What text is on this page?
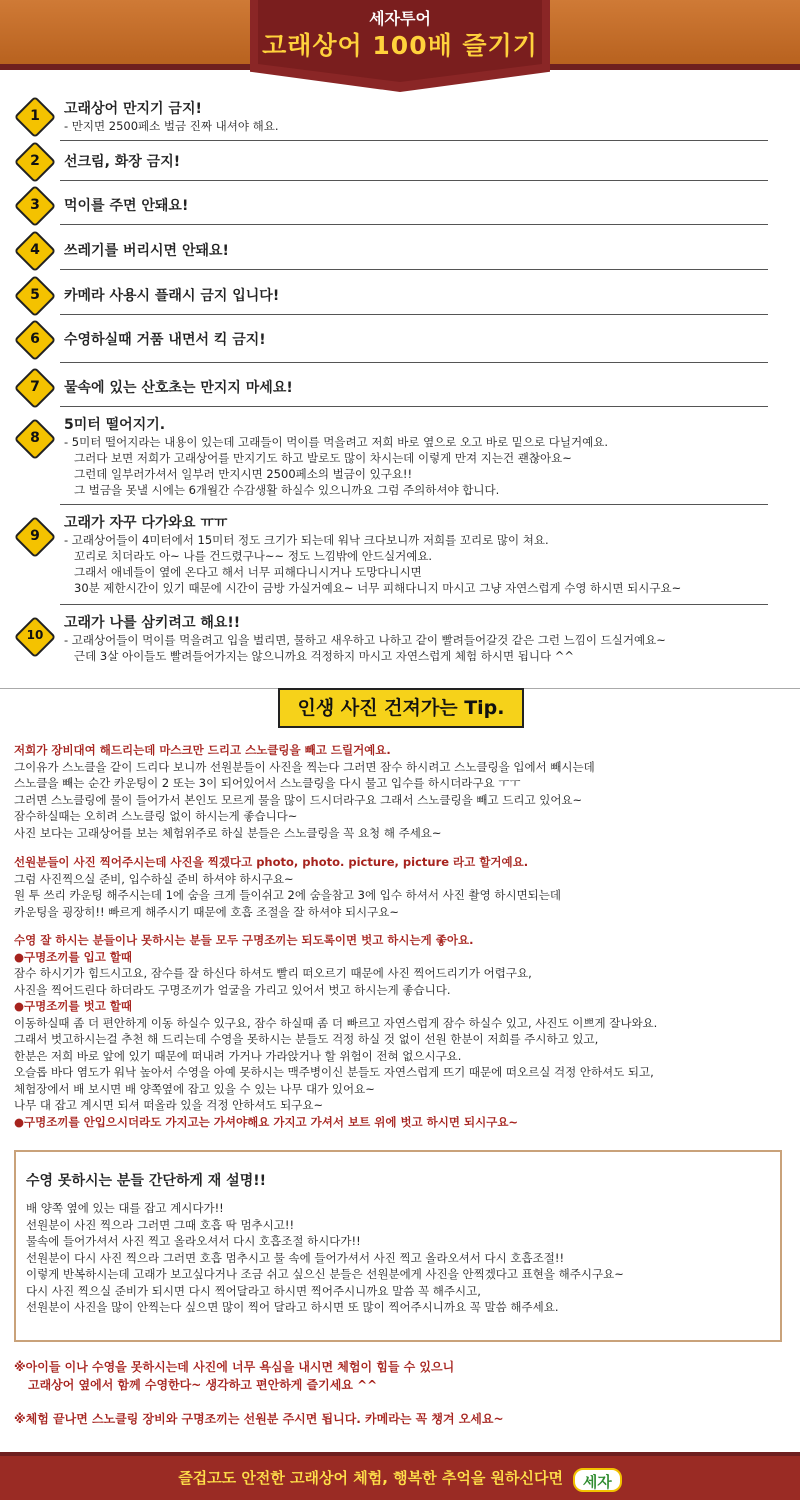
세자투어
고래상어 100배 즐기기
1	고래상어 만지기 금지!
- 만지면 2500페소 벌금 진짜 내셔야 해요.
2	선크림, 화장 금지!
3	먹이를 주면 안돼요!
4	쓰레기를 버리시면 안돼요!
5	카메라 사용시 플래시 금지 입니다!
6	수영하실때 거품 내면서 킥 금지!
7	물속에 있는 산호초는 만지지 마세요!
8
5미터 떨어지기.
- 5미터 떨어지라는 내용이 있는데 고래들이 먹이를 먹을려고 저희 바로 옆으로 오고 바로 밑으로 다닐거예요.
그러다 보면 저희가 고래상어를 만지기도 하고 발로도 많이 차시는데 이렇게 만져 지는건 괜찮아요~
그런데 일부러가셔서 일부러 만지시면 2500페소의 벌금이 있구요!!
그 벌금을 못낼 시에는 6개월간 수감생활 하실수 있으니까요 그럼 주의하셔야 합니다.
9
고래가 자꾸 다가와요 ㅠㅠ
- 고래상어들이 4미터에서 15미터 정도 크기가 되는데 워낙 크다보니까 저희를 꼬리로 많이 쳐요.
꼬리로 치더라도 아~ 나를 건드렸구나~~ 정도 느낌밖에 안드실거예요.
그래서 애네들이 옆에 온다고 해서 너무 피해다니시거나 도망다니시면
30분 제한시간이 있기 때문에 시간이 금방 가실거예요~ 너무 피해다니지 마시고 그냥 자연스럽게 수영 하시면 되시구요~
10
고래가 나를 삼키려고 해요!!
- 고래상어들이 먹이를 먹을려고 입을 벌리면, 물하고 새우하고 나하고 같이 빨려들어갈것 같은 그런 느낌이 드실거예요~
근데 3살 아이들도 빨려들어가지는 않으니까요 걱정하지 마시고 자연스럽게 체험 하시면 됩니다 ^^
인생 사진 건져가는 Tip.
저희가 장비대여 해드리는데 마스크만 드리고 스노클링을 빼고 드릴거예요.
그이유가 스노클을 같이 드리다 보니까 선원분들이 사진을 찍는다 그러면 잠수 하시려고 스노클링을 입에서 빼시는데
스노클을 빼는 순간 카운팅이 2 또는 3이 되어있어서 스노클링을 다시 물고 입수를 하시더라구요 ㅜㅜ
그러면 스노클링에 물이 들어가서 본인도 모르게 물을 많이 드시더라구요 그래서 스노클링을 빼고 드리고 있어요~
잠수하실때는 오히려 스노클링 없이 하시는게 좋습니다~
사진 보다는 고래상어를 보는 체험위주로 하실 분들은 스노클링을 꼭 요청 해 주세요~
선원분들이 사진 찍어주시는데 사진을 찍겠다고 photo, photo. picture, picture 라고 할거예요.
그럼 사진찍으실 준비, 입수하실 준비 하셔야 하시구요~
원 투 쓰리 카운팅 해주시는데 1에 숨을 크게 들이쉬고 2에 숨을참고 3에 입수 하셔서 사진 촬영 하시면되는데
카운팅을 굉장히!! 빠르게 해주시기 때문에 호흡 조절을 잘 하셔야 되시구요~
수영 잘 하시는 분들이나 못하시는 분들 모두 구명조끼는 되도록이면 벗고 하시는게 좋아요.
●구명조끼를 입고 할때
잠수 하시기가 힘드시고요, 잠수를 잘 하신다 하셔도 빨리 떠오르기 때문에 사진 찍어드리기가 어렵구요,
사진을 찍어드린다 하더라도 구명조끼가 얼굴을 가리고 있어서 벗고 하시는게 좋습니다.
●구명조끼를 벗고 할때
이동하실때 좀 더 편안하게 이동 하실수 있구요, 잠수 하실때 좀 더 빠르고 자연스럽게 잠수 하실수 있고, 사진도 이쁘게 잘나와요.
그래서 벗고하시는걸 추천 해 드리는데 수영을 못하시는 분들도 걱정 하실 것 없이 선원 한분이 저희를 주시하고 있고,
한분은 저희 바로 앞에 있기 때문에 떠내려 가거나 가라앉거나 할 위험이 전혀 없으시구요.
오슬롭 바다 염도가 워낙 높아서 수영을 아예 못하시는 맥주병이신 분들도 자연스럽게 뜨기 때문에 떠오르실 걱정 안하셔도 되고,
체험장에서 배 보시면 배 양쪽옆에 잡고 있을 수 있는 나무 대가 있어요~
나무 대 잡고 계시면 되셔 떠올라 있을 걱정 안하셔도 되구요~
●구명조끼를 안입으시더라도 가지고는 가셔야해요 가지고 가셔서 보트 위에 벗고 하시면 되시구요~
수영 못하시는 분들 간단하게 재 설명!!
배 양쪽 옆에 있는 대를 잡고 계시다가!!
선원분이 사진 찍으라 그러면 그때 호흡 딱 멈추시고!!
물속에 들어가셔서 사진 찍고 올라오셔서 다시 호흡조절 하시다가!!
선원분이 다시 사진 찍으라 그러면 호흡 멈추시고 물 속에 들어가셔서 사진 찍고 올라오셔서 다시 호흡조절!!
이렇게 반복하시는데 고래가 보고싶다거나 조금 쉬고 싶으신 분들은 선원분에게 사진을 안찍겠다고 표현을 해주시구요~
다시 사진 찍으실 준비가 되시면 다시 찍어달라고 하시면 찍어주시니까요 말씀 꼭 해주시고,
선원분이 사진을 많이 안찍는다 싶으면 많이 찍어 달라고 하시면 또 많이 찍어주시니까요 꼭 말씀 해주세요.
※아이들 이나 수영을 못하시는데 사진에 너무 욕심을 내시면 체험이 힘들 수 있으니
고래상어 옆에서 함께 수영한다~ 생각하고 편안하게 즐기세요 ^^
※체험 끝나면 스노클링 장비와 구명조끼는 선원분 주시면 됩니다. 카메라는 꼭 챙겨 오세요~
즐겁고도 안전한 고래상어 체험, 행복한 추억을 원하신다면 세자
